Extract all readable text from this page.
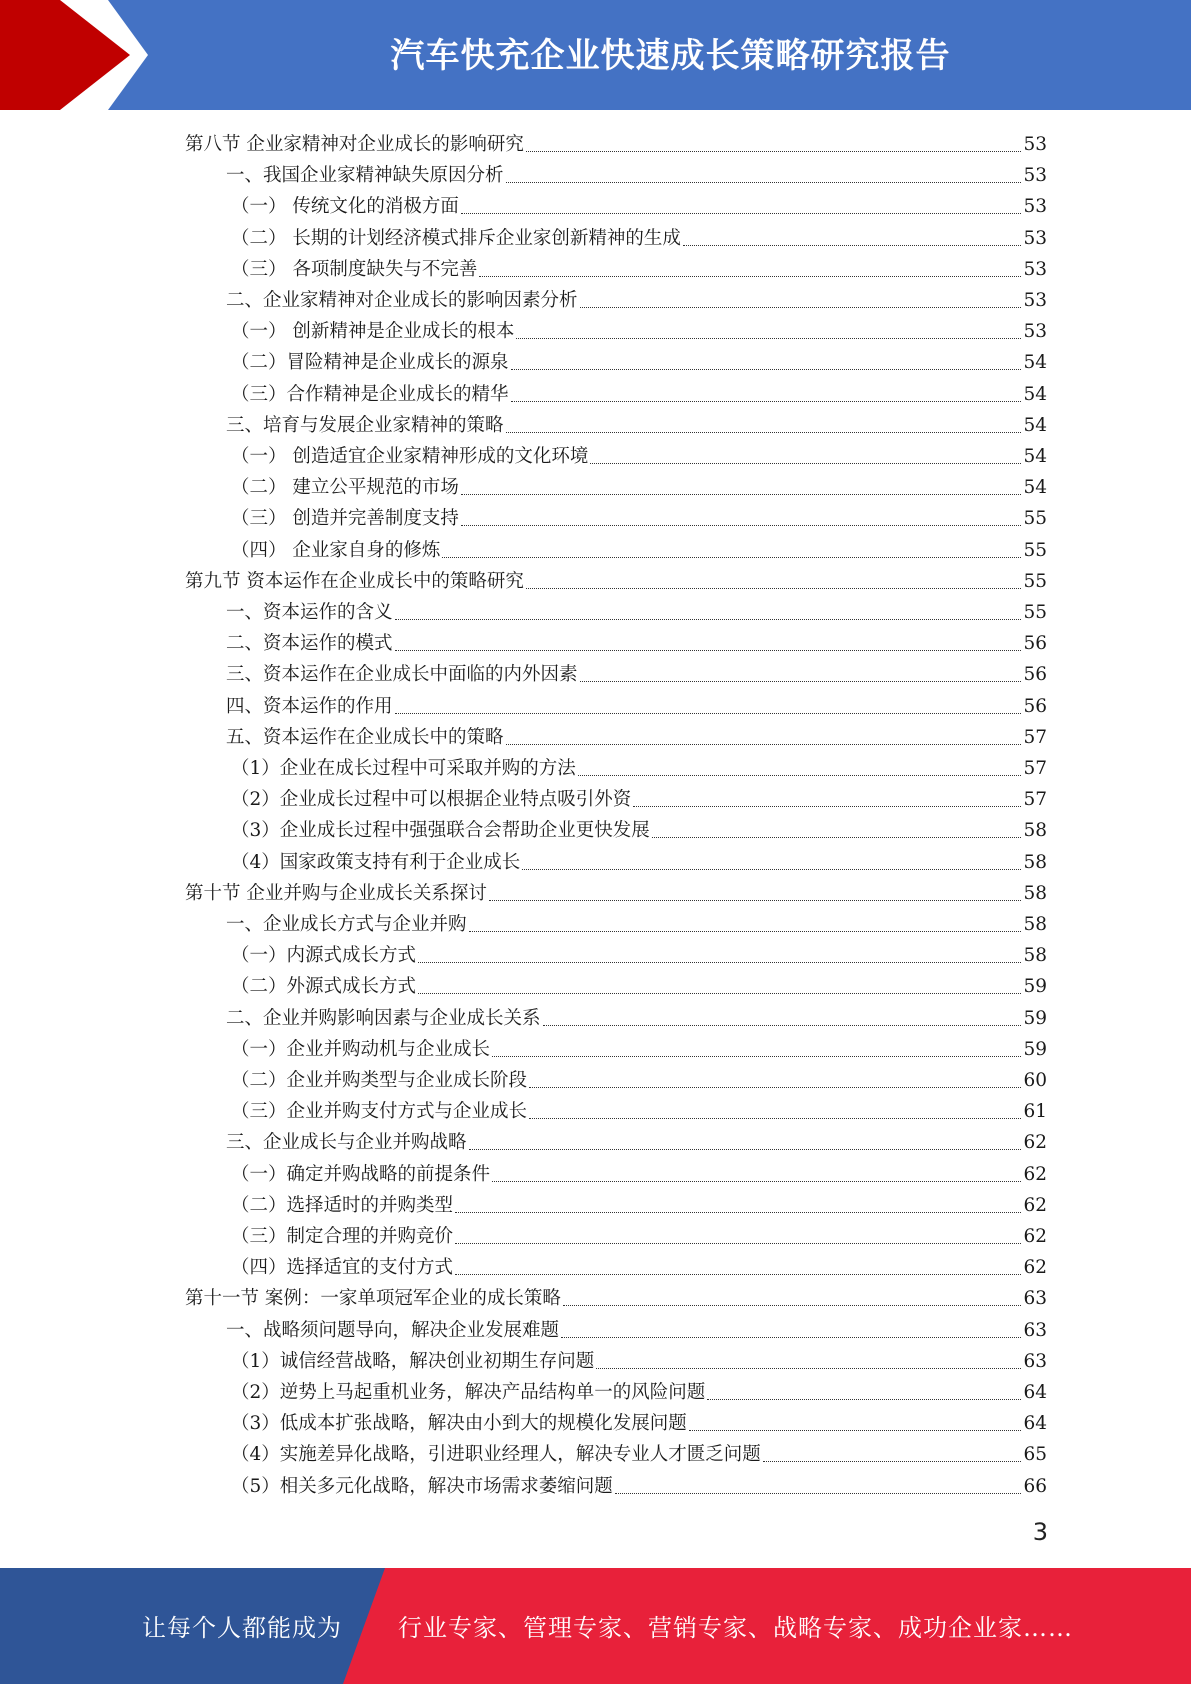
汽车快充企业快速成长策略研究报告
第八节 企业家精神对企业成长的影响研究	53
一、我国企业家精神缺失原因分析	53
（一） 传统文化的消极方面	53
（二） 长期的计划经济模式排斥企业家创新精神的生成	53
（三） 各项制度缺失与不完善	53
二、企业家精神对企业成长的影响因素分析	53
（一） 创新精神是企业成长的根本	53
（二）冒险精神是企业成长的源泉	54
（三）合作精神是企业成长的精华	54
三、培育与发展企业家精神的策略	54
（一） 创造适宜企业家精神形成的文化环境	54
（二） 建立公平规范的市场	54
（三） 创造并完善制度支持	55
（四） 企业家自身的修炼	55
第九节 资本运作在企业成长中的策略研究	55
一、资本运作的含义	55
二、资本运作的模式	56
三、资本运作在企业成长中面临的内外因素	56
四、资本运作的作用	56
五、资本运作在企业成长中的策略	57
（1）企业在成长过程中可采取并购的方法	57
（2）企业成长过程中可以根据企业特点吸引外资	57
（3）企业成长过程中强强联合会帮助企业更快发展	58
（4）国家政策支持有利于企业成长	58
第十节 企业并购与企业成长关系探讨	58
一、企业成长方式与企业并购	58
（一）内源式成长方式	58
（二）外源式成长方式	59
二、企业并购影响因素与企业成长关系	59
（一）企业并购动机与企业成长	59
（二）企业并购类型与企业成长阶段	60
（三）企业并购支付方式与企业成长	61
三、企业成长与企业并购战略	62
（一）确定并购战略的前提条件	62
（二）选择适时的并购类型	62
（三）制定合理的并购竞价	62
（四）选择适宜的支付方式	62
第十一节 案例：一家单项冠军企业的成长策略	63
一、战略须问题导向，解决企业发展难题	63
（1）诚信经营战略，解决创业初期生存问题	63
（2）逆势上马起重机业务，解决产品结构单一的风险问题	64
（3）低成本扩张战略，解决由小到大的规模化发展问题	64
（4）实施差异化战略，引进职业经理人，解决专业人才匮乏问题	65
（5）相关多元化战略，解决市场需求萎缩问题	66
3
让每个人都能成为 行业专家、管理专家、营销专家、战略专家、成功企业家……
